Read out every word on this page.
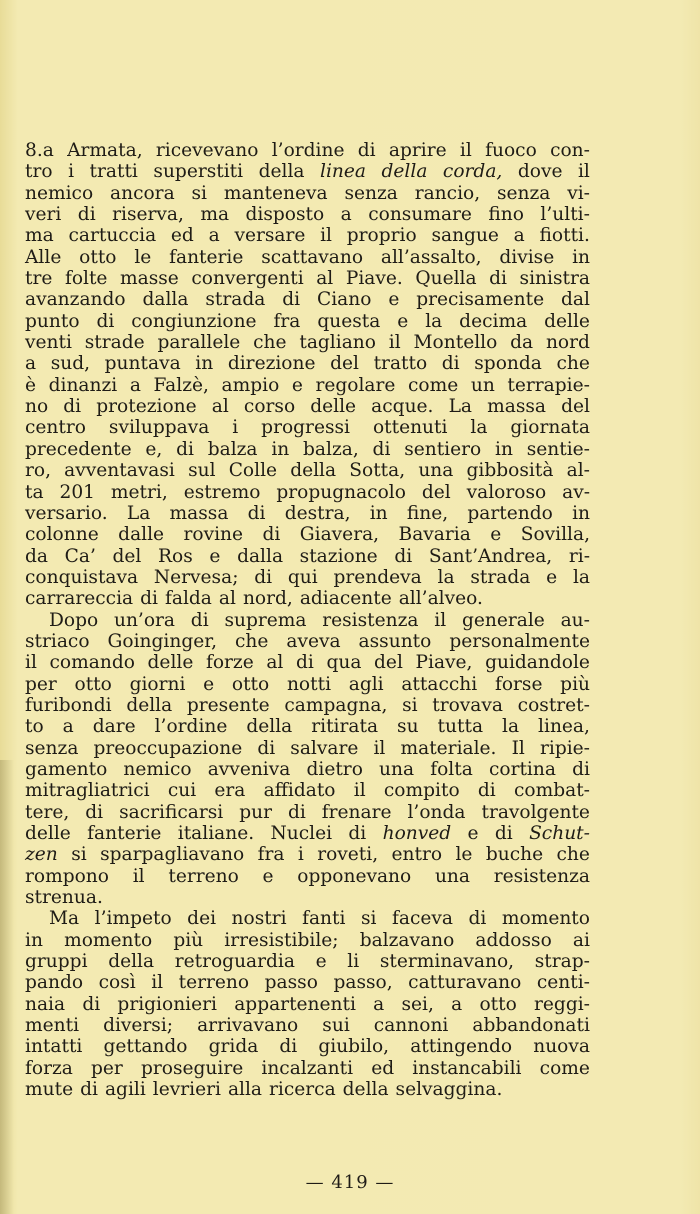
8.a Armata, ricevevano l’ordine di aprire il fuoco con-
tro i tratti superstiti della linea della corda, dove il
nemico ancora si manteneva senza rancio, senza vi-
veri di riserva, ma disposto a consumare fino l’ulti-
ma cartuccia ed a versare il proprio sangue a fiotti.
Alle otto le fanterie scattavano all’assalto, divise in
tre folte masse convergenti al Piave. Quella di sinistra
avanzando dalla strada di Ciano e precisamente dal
punto di congiunzione fra questa e la decima delle
venti strade parallele che tagliano il Montello da nord
a sud, puntava in direzione del tratto di sponda che
è dinanzi a Falzè, ampio e regolare come un terrapie-
no di protezione al corso delle acque. La massa del
centro sviluppava i progressi ottenuti la giornata
precedente e, di balza in balza, di sentiero in sentie-
ro, avventavasi sul Colle della Sotta, una gibbosità al-
ta 201 metri, estremo propugnacolo del valoroso av-
versario. La massa di destra, in fine, partendo in
colonne dalle rovine di Giavera, Bavaria e Sovilla,
da Ca’ del Ros e dalla stazione di Sant’Andrea, ri-
conquistava Nervesa; di qui prendeva la strada e la
carrareccia di falda al nord, adiacente all’alveo.
Dopo un’ora di suprema resistenza il generale au-
striaco Goinginger, che aveva assunto personalmente
il comando delle forze al di qua del Piave, guidandole
per otto giorni e otto notti agli attacchi forse più
furibondi della presente campagna, si trovava costret-
to a dare l’ordine della ritirata su tutta la linea,
senza preoccupazione di salvare il materiale. Il ripie-
gamento nemico avveniva dietro una folta cortina di
mitragliatrici cui era affidato il compito di combat-
tere, di sacrificarsi pur di frenare l’onda travolgente
delle fanterie italiane. Nuclei di honved e di Schut-
zen si sparpagliavano fra i roveti, entro le buche che
rompono il terreno e opponevano una resistenza
strenua.
Ma l’impeto dei nostri fanti si faceva di momento
in momento più irresistibile; balzavano addosso ai
gruppi della retroguardia e li sterminavano, strap-
pando così il terreno passo passo, catturavano centi-
naia di prigionieri appartenenti a sei, a otto reggi-
menti diversi; arrivavano sui cannoni abbandonati
intatti gettando grida di giubilo, attingendo nuova
forza per proseguire incalzanti ed instancabili come
mute di agili levrieri alla ricerca della selvaggina.
— 419 —
